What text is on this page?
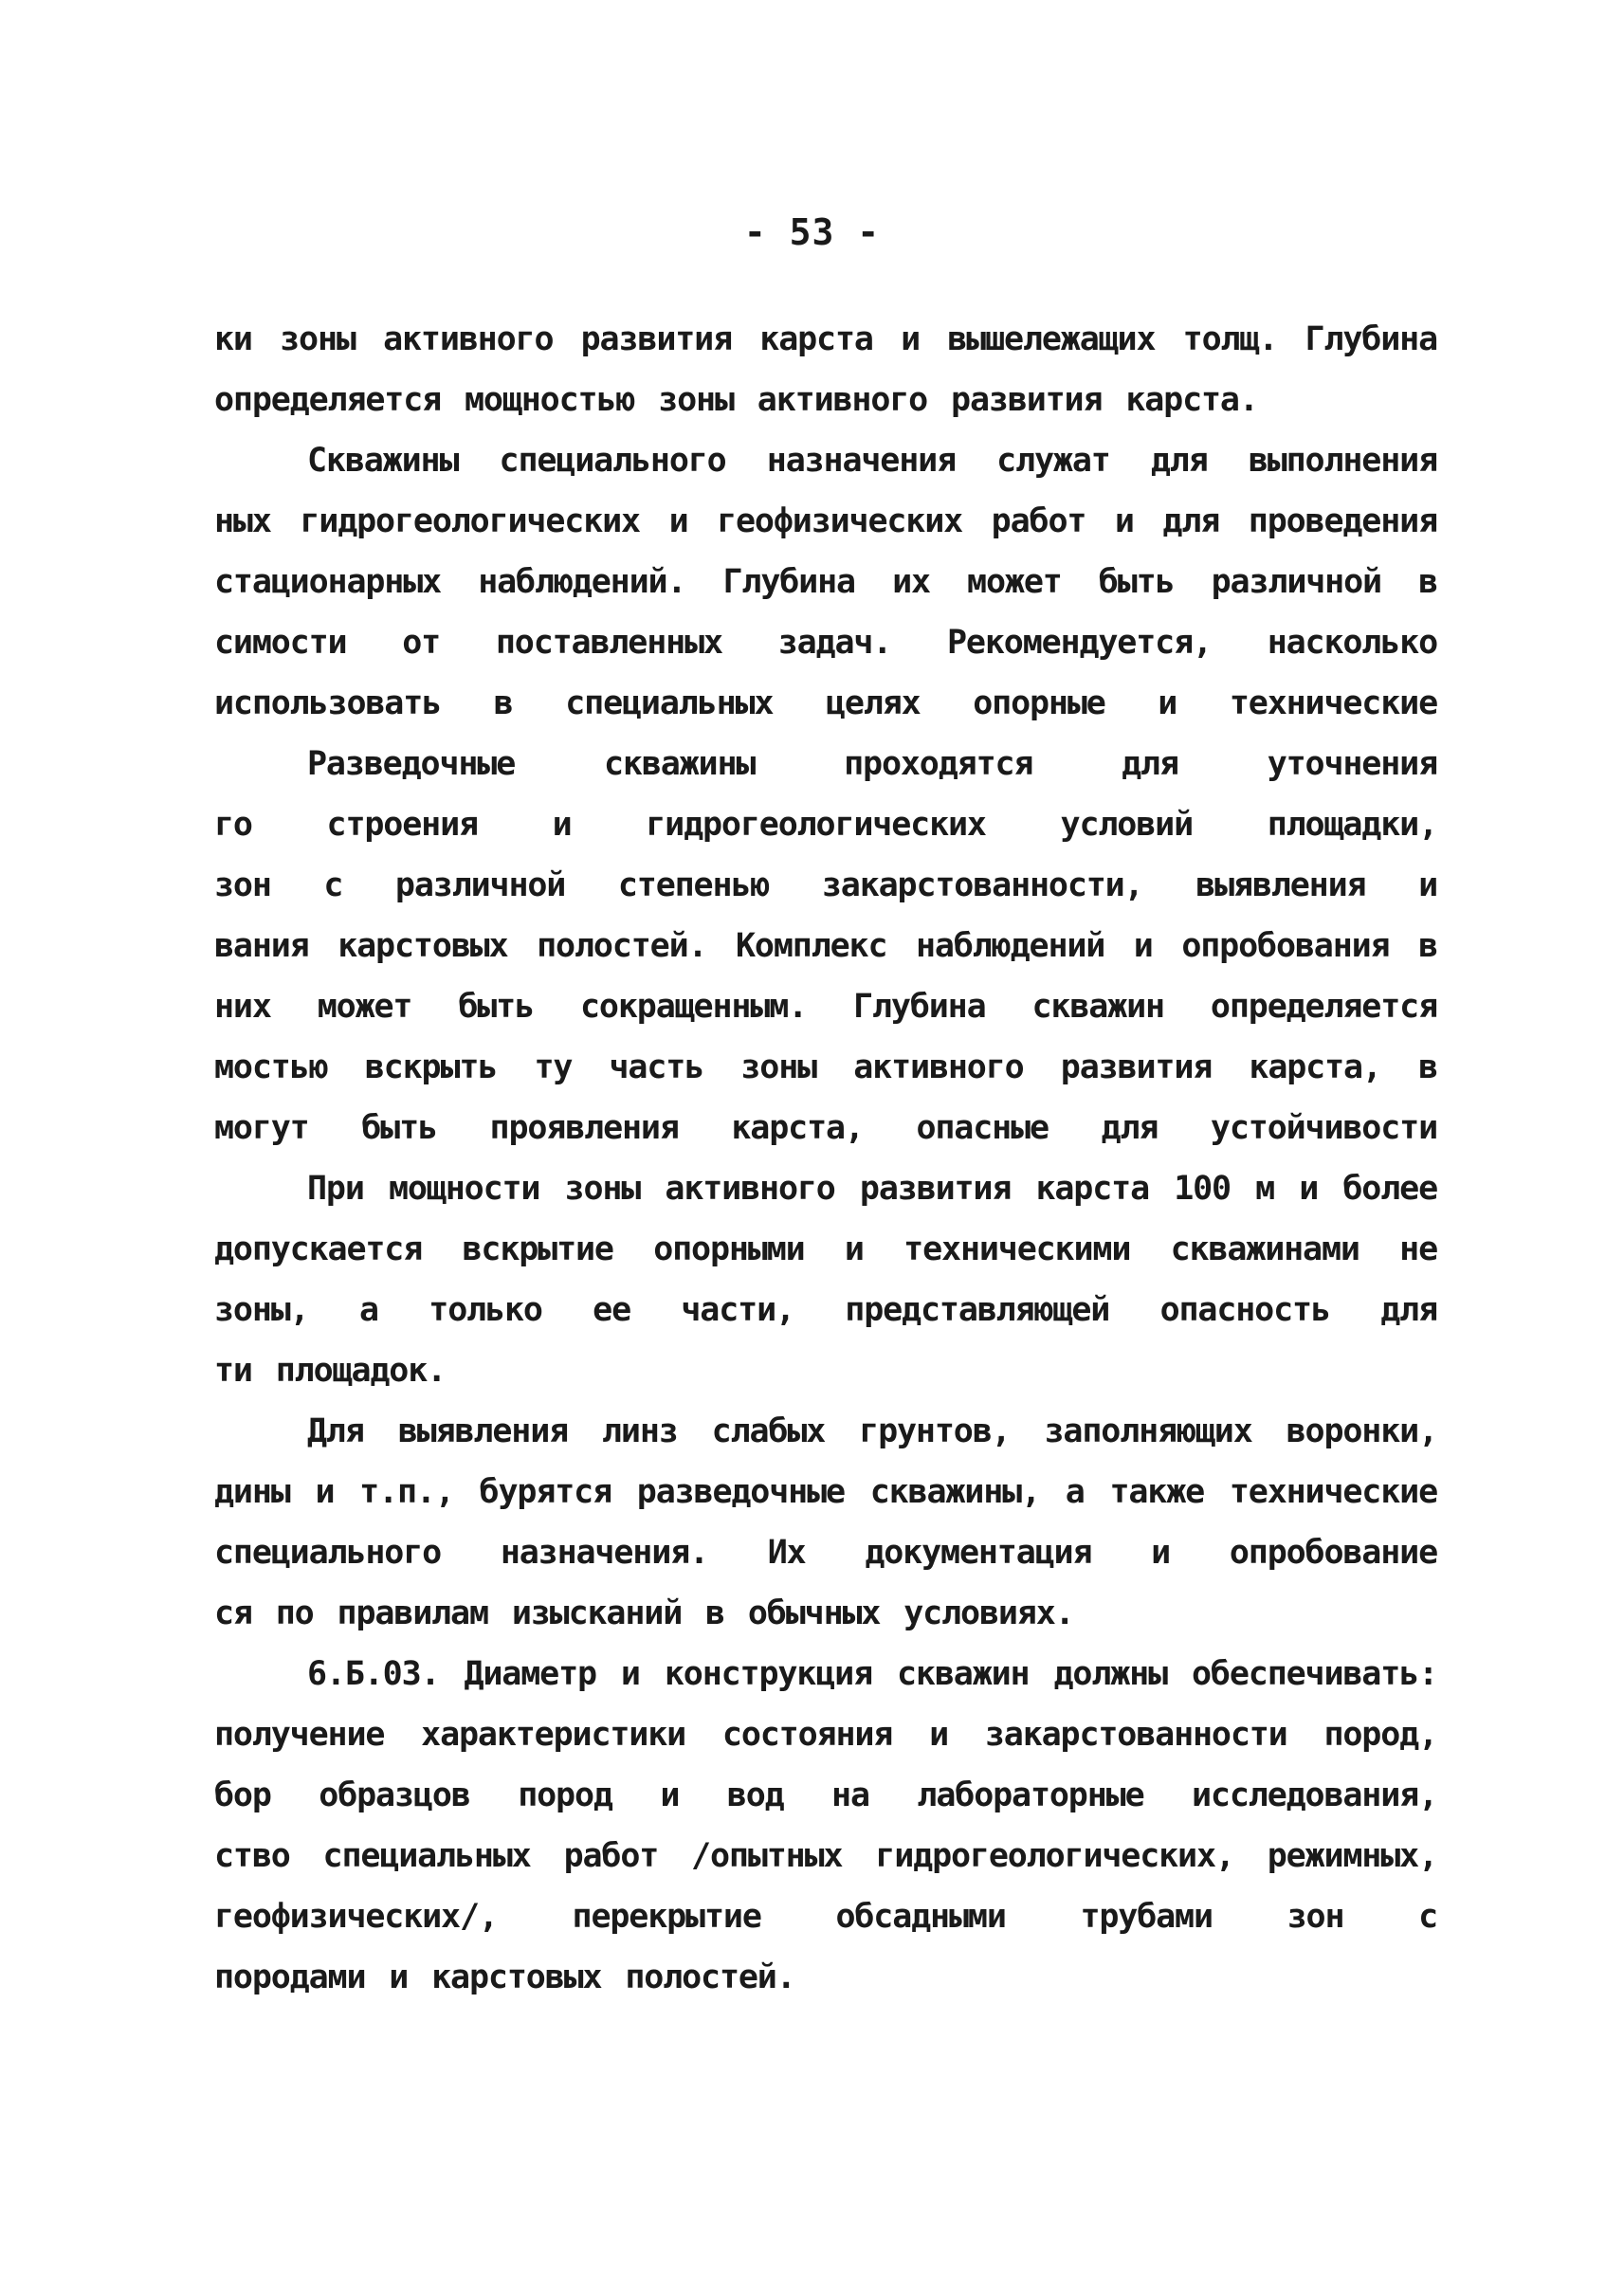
- 53 -
ки зоны активного развития карста и вышележащих толщ. Глубина
определяется мощностью зоны активного развития карста.
Скважины специального назначения служат для выполнения
ных гидрогеологических и геофизических работ и для проведения
стационарных наблюдений. Глубина их может быть различной в
симости от поставленных задач. Рекомендуется, насколько
использовать в специальных целях опорные и технические
Разведочные скважины проходятся для уточнения
го строения и гидрогеологических условий площадки,
зон с различной степенью закарстованности, выявления и
вания карстовых полостей. Комплекс наблюдений и опробования в
них может быть сокращенным. Глубина скважин определяется
мостью вскрыть ту часть зоны активного развития карста, в
могут быть проявления карста, опасные для устойчивости
При мощности зоны активного развития карста 100 м и более
допускается вскрытие опорными и техническими скважинами не
зоны, а только ее части, представляющей опасность для
ти площадок.
Для выявления линз слабых грунтов, заполняющих воронки,
дины и т.п., бурятся разведочные скважины, а также технические
специального назначения. Их документация и опробование
ся по правилам изысканий в обычных условиях.
6.Б.03. Диаметр и конструкция скважин должны обеспечивать:
получение характеристики состояния и закарстованности пород,
бор образцов пород и вод на лабораторные исследования,
ство специальных работ /опытных гидрогеологических, режимных,
геофизических/, перекрытие обсадными трубами зон с
породами и карстовых полостей.
